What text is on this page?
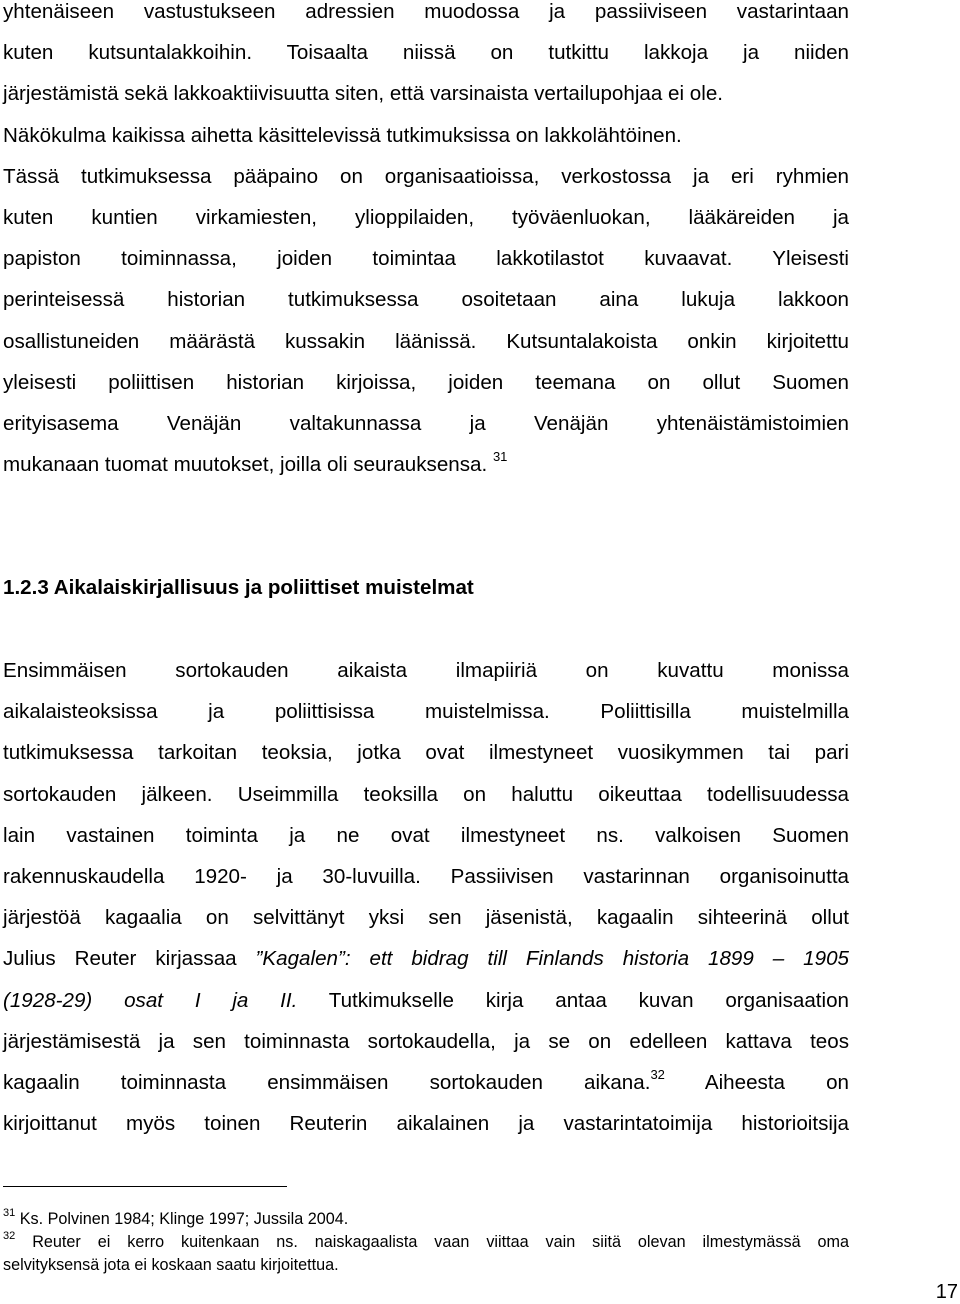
yhtenäiseen vastustukseen adressien muodossa ja passiiviseen vastarintaan
kuten kutsuntalakkoihin. Toisaalta niissä on tutkittu lakkoja ja niiden
järjestämistä sekä lakkoaktiivisuutta siten, että varsinaista vertailupohjaa ei ole.
Näkökulma kaikissa aihetta käsittelevissä tutkimuksissa on lakkolähtöinen.
Tässä tutkimuksessa pääpaino on organisaatioissa, verkostossa ja eri ryhmien
kuten kuntien virkamiesten, ylioppilaiden, työväenluokan, lääkäreiden ja
papiston toiminnassa, joiden toimintaa lakkotilastot kuvaavat. Yleisesti
perinteisessä historian tutkimuksessa osoitetaan aina lukuja lakkoon
osallistuneiden määrästä kussakin läänissä. Kutsuntalakoista onkin kirjoitettu
yleisesti poliittisen historian kirjoissa, joiden teemana on ollut Suomen
erityisasema Venäjän valtakunnassa ja Venäjän yhtenäistämistoimien
mukanaan tuomat muutokset, joilla oli seurauksensa. $^{31}$
1.2.3 Aikalaiskirjallisuus ja poliittiset muistelmat
Ensimmäisen sortokauden aikaista ilmapiiriä on kuvattu monissa
aikalaisteoksissa ja poliittisissa muistelmissa. Poliittisilla muistelmilla
tutkimuksessa tarkoitan teoksia, jotka ovat ilmestyneet vuosikymmen tai pari
sortokauden jälkeen. Useimmilla teoksilla on haluttu oikeuttaa todellisuudessa
lain vastainen toiminta ja ne ovat ilmestyneet ns. valkoisen Suomen
rakennuskaudella 1920- ja 30-luvuilla. Passiivisen vastarinnan organisoinutta
järjestöä kagaalia on selvittänyt yksi sen jäsenistä, kagaalin sihteerinä ollut
Julius Reuter kirjassaa ”Kagalen”: ett bidrag till Finlands historia 1899 – 1905
(1928-29) osat I ja II. Tutkimukselle kirja antaa kuvan organisaation
järjestämisestä ja sen toiminnasta sortokaudella, ja se on edelleen kattava teos
kagaalin toiminnasta ensimmäisen sortokauden aikana.$^{32}$ Aiheesta on
kirjoittanut myös toinen Reuterin aikalainen ja vastarintatoimija historioitsija
$^{31}$ Ks. Polvinen 1984; Klinge 1997; Jussila 2004.
$^{32}$ Reuter ei kerro kuitenkaan ns. naiskagaalista vaan viittaa vain siitä olevan ilmestymässä oma
selvityksensä jota ei koskaan saatu kirjoitettua.
17
